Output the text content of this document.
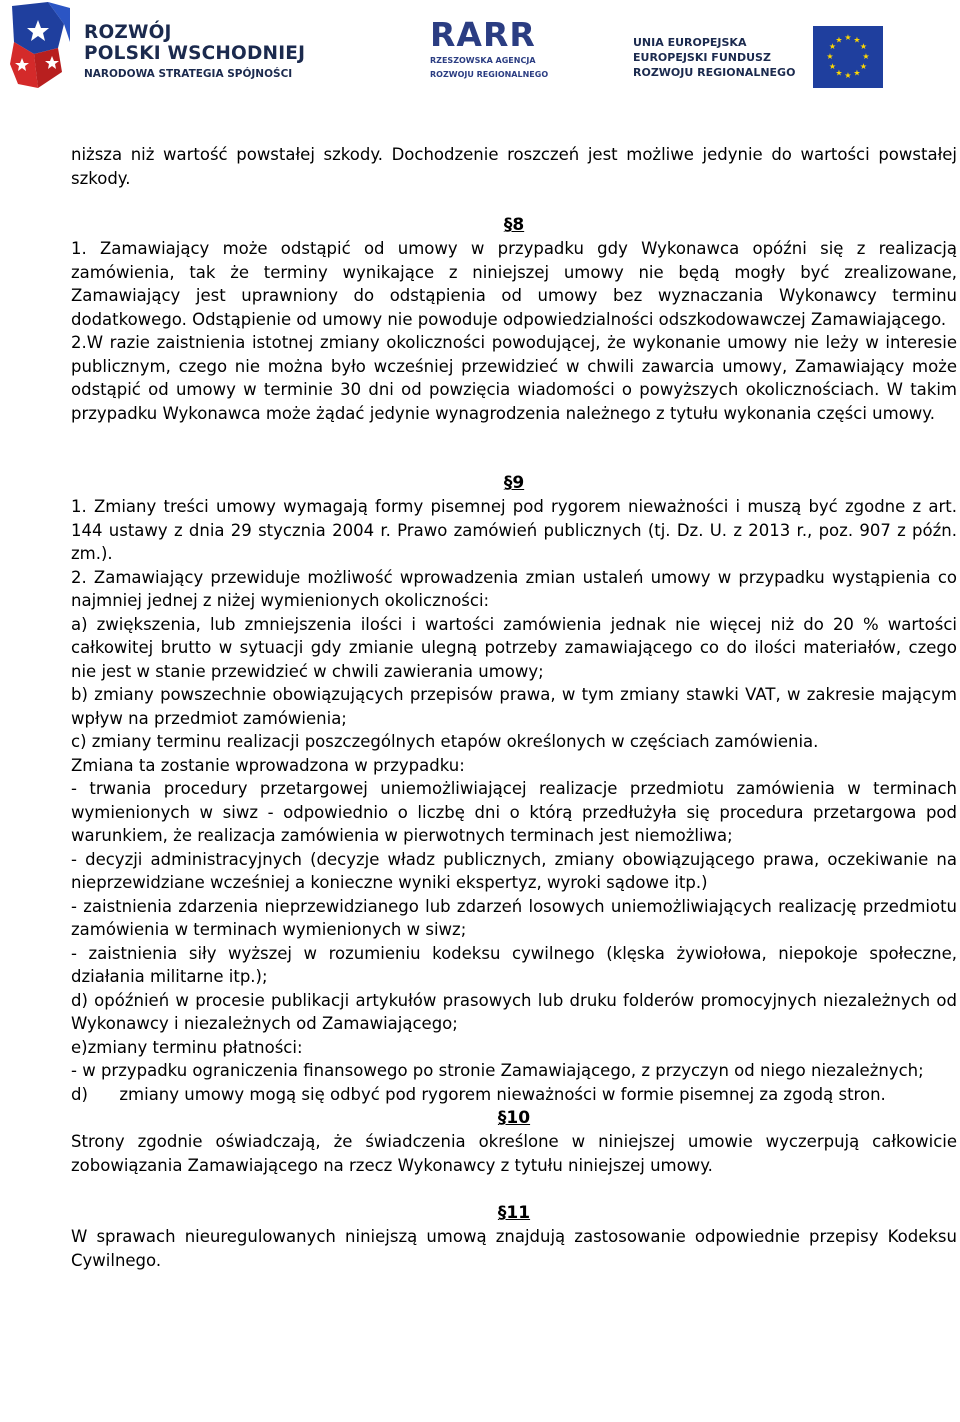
ROZWÓJ
POLSKI WSCHODNIEJ
NARODOWA STRATEGIA SPÓJNOŚCI
RARR
RZESZOWSKA AGENCJA
ROZWOJU REGIONALNEGO
UNIA EUROPEJSKA
EUROPEJSKI FUNDUSZ
ROZWOJU REGIONALNEGO
★ ★
★
★
★
★
★
★
★
★
★
★

niższa niż wartość powstałej szkody. Dochodzenie roszczeń jest możliwe jedynie do wartości powstałej szkody.

§8

1. Zamawiający może odstąpić od umowy w przypadku gdy Wykonawca opóźni się z realizacją zamówienia, tak że terminy wynikające z niniejszej umowy nie będą mogły być zrealizowane, Zamawiający jest uprawniony do odstąpienia od umowy bez wyznaczania Wykonawcy terminu dodatkowego. Odstąpienie od umowy nie powoduje odpowiedzialności odszkodowawczej Zamawiającego.

2.W razie zaistnienia istotnej zmiany okoliczności powodującej, że wykonanie umowy nie leży w interesie publicznym, czego nie można było wcześniej przewidzieć w chwili zawarcia umowy, Zamawiający może odstąpić od umowy w terminie 30 dni od powzięcia wiadomości o powyższych okolicznościach. W takim przypadku Wykonawca może żądać jedynie wynagrodzenia należnego z tytułu wykonania części umowy.

§9

1. Zmiany treści umowy wymagają formy pisemnej pod rygorem nieważności i muszą być zgodne z art. 144 ustawy z dnia 29 stycznia 2004 r. Prawo zamówień publicznych (tj. Dz. U. z 2013 r., poz. 907 z późn. zm.).

2. Zamawiający przewiduje możliwość wprowadzenia zmian ustaleń umowy w przypadku wystąpienia co najmniej jednej z niżej wymienionych okoliczności:

a) zwiększenia, lub zmniejszenia ilości i wartości zamówienia jednak nie więcej niż do 20 % wartości całkowitej brutto w sytuacji gdy zmianie ulegną potrzeby zamawiającego co do ilości materiałów, czego nie jest w stanie przewidzieć w chwili zawierania umowy;

b) zmiany powszechnie obowiązujących przepisów prawa, w tym zmiany stawki VAT, w zakresie mającym wpływ na przedmiot zamówienia;

c) zmiany terminu realizacji poszczególnych etapów określonych w częściach zamówienia.

Zmiana ta zostanie wprowadzona w przypadku:

- trwania procedury przetargowej uniemożliwiającej realizacje przedmiotu zamówienia w terminach wymienionych w siwz - odpowiednio o liczbę dni o którą przedłużyła się procedura przetargowa pod warunkiem, że realizacja zamówienia w pierwotnych terminach jest niemożliwa;

- decyzji administracyjnych (decyzje władz publicznych, zmiany obowiązującego prawa, oczekiwanie na nieprzewidziane wcześniej a konieczne wyniki ekspertyz, wyroki sądowe itp.)

- zaistnienia zdarzenia nieprzewidzianego lub zdarzeń losowych uniemożliwiających realizację przedmiotu zamówienia w terminach wymienionych w siwz;

- zaistnienia siły wyższej w rozumieniu kodeksu cywilnego (klęska żywiołowa, niepokoje społeczne, działania militarne itp.);

d) opóźnień w procesie publikacji artykułów prasowych lub druku folderów promocyjnych niezależnych od Wykonawcy i niezależnych od Zamawiającego;

e)zmiany terminu płatności:

- w przypadku ograniczenia finansowego po stronie Zamawiającego, z przyczyn od niego niezależnych;

d)      zmiany umowy mogą się odbyć pod rygorem nieważności w formie pisemnej za zgodą stron.

§10

Strony zgodnie oświadczają, że świadczenia określone w niniejszej umowie wyczerpują całkowicie zobowiązania Zamawiającego na rzecz Wykonawcy z tytułu niniejszej umowy.

§11

W sprawach nieuregulowanych niniejszą umową znajdują zastosowanie odpowiednie przepisy Kodeksu Cywilnego.
